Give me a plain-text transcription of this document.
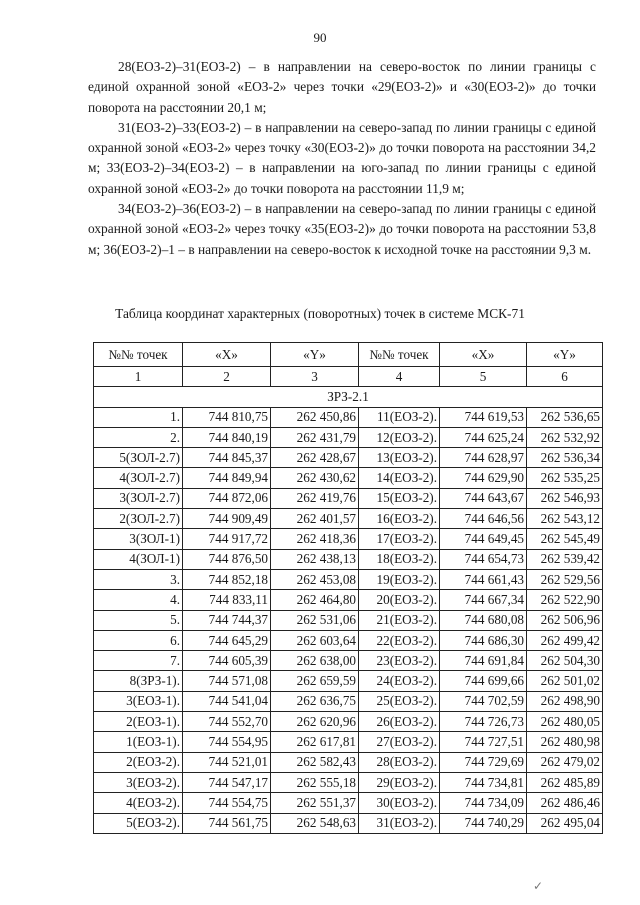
90

28(ЕОЗ-2)–31(ЕОЗ-2) – в направлении на северо-восток по линии границы с единой охранной зоной «ЕОЗ-2» через точки «29(ЕОЗ-2)» и «30(ЕОЗ-2)» до точки поворота на расстоянии 20,1 м;

31(ЕОЗ-2)–33(ЕОЗ-2) – в направлении на северо-запад по линии границы с единой охранной зоной «ЕОЗ-2» через точку «30(ЕОЗ-2)» до точки поворота на расстоянии 34,2 м; 33(ЕОЗ-2)–34(ЕОЗ-2) – в направлении на юго-запад по линии границы с единой охранной зоной «ЕОЗ-2» до точки поворота на расстоянии 11,9 м;

34(ЕОЗ-2)–36(ЕОЗ-2) – в направлении на северо-запад по линии границы с единой охранной зоной «ЕОЗ-2» через точку «35(ЕОЗ-2)» до точки поворота на расстоянии 53,8 м; 36(ЕОЗ-2)–1 – в направлении на северо-восток к исходной точке на расстоянии 9,3 м.

Таблица координат характерных (поворотных) точек в системе МСК-71
№№ точек	«X»	«Y»	№№ точек	«X»	«Y»
1	2	3	4	5	6
ЗРЗ-2.1					
1.	744 810,75	262 450,86	11(ЕОЗ-2).	744 619,53	262 536,65
2.	744 840,19	262 431,79	12(ЕОЗ-2).	744 625,24	262 532,92
5(ЗОЛ-2.7)	744 845,37	262 428,67	13(ЕОЗ-2).	744 628,97	262 536,34
4(ЗОЛ-2.7)	744 849,94	262 430,62	14(ЕОЗ-2).	744 629,90	262 535,25
3(ЗОЛ-2.7)	744 872,06	262 419,76	15(ЕОЗ-2).	744 643,67	262 546,93
2(ЗОЛ-2.7)	744 909,49	262 401,57	16(ЕОЗ-2).	744 646,56	262 543,12
3(ЗОЛ-1)	744 917,72	262 418,36	17(ЕОЗ-2).	744 649,45	262 545,49
4(ЗОЛ-1)	744 876,50	262 438,13	18(ЕОЗ-2).	744 654,73	262 539,42
3.	744 852,18	262 453,08	19(ЕОЗ-2).	744 661,43	262 529,56
4.	744 833,11	262 464,80	20(ЕОЗ-2).	744 667,34	262 522,90
5.	744 744,37	262 531,06	21(ЕОЗ-2).	744 680,08	262 506,96
6.	744 645,29	262 603,64	22(ЕОЗ-2).	744 686,30	262 499,42
7.	744 605,39	262 638,00	23(ЕОЗ-2).	744 691,84	262 504,30
8(ЗРЗ-1).	744 571,08	262 659,59	24(ЕОЗ-2).	744 699,66	262 501,02
3(ЕОЗ-1).	744 541,04	262 636,75	25(ЕОЗ-2).	744 702,59	262 498,90
2(ЕОЗ-1).	744 552,70	262 620,96	26(ЕОЗ-2).	744 726,73	262 480,05
1(ЕОЗ-1).	744 554,95	262 617,81	27(ЕОЗ-2).	744 727,51	262 480,98
2(ЕОЗ-2).	744 521,01	262 582,43	28(ЕОЗ-2).	744 729,69	262 479,02
3(ЕОЗ-2).	744 547,17	262 555,18	29(ЕОЗ-2).	744 734,81	262 485,89
4(ЕОЗ-2).	744 554,75	262 551,37	30(ЕОЗ-2).	744 734,09	262 486,46
5(ЕОЗ-2).	744 561,75	262 548,63	31(ЕОЗ-2).	744 740,29	262 495,04
✓
